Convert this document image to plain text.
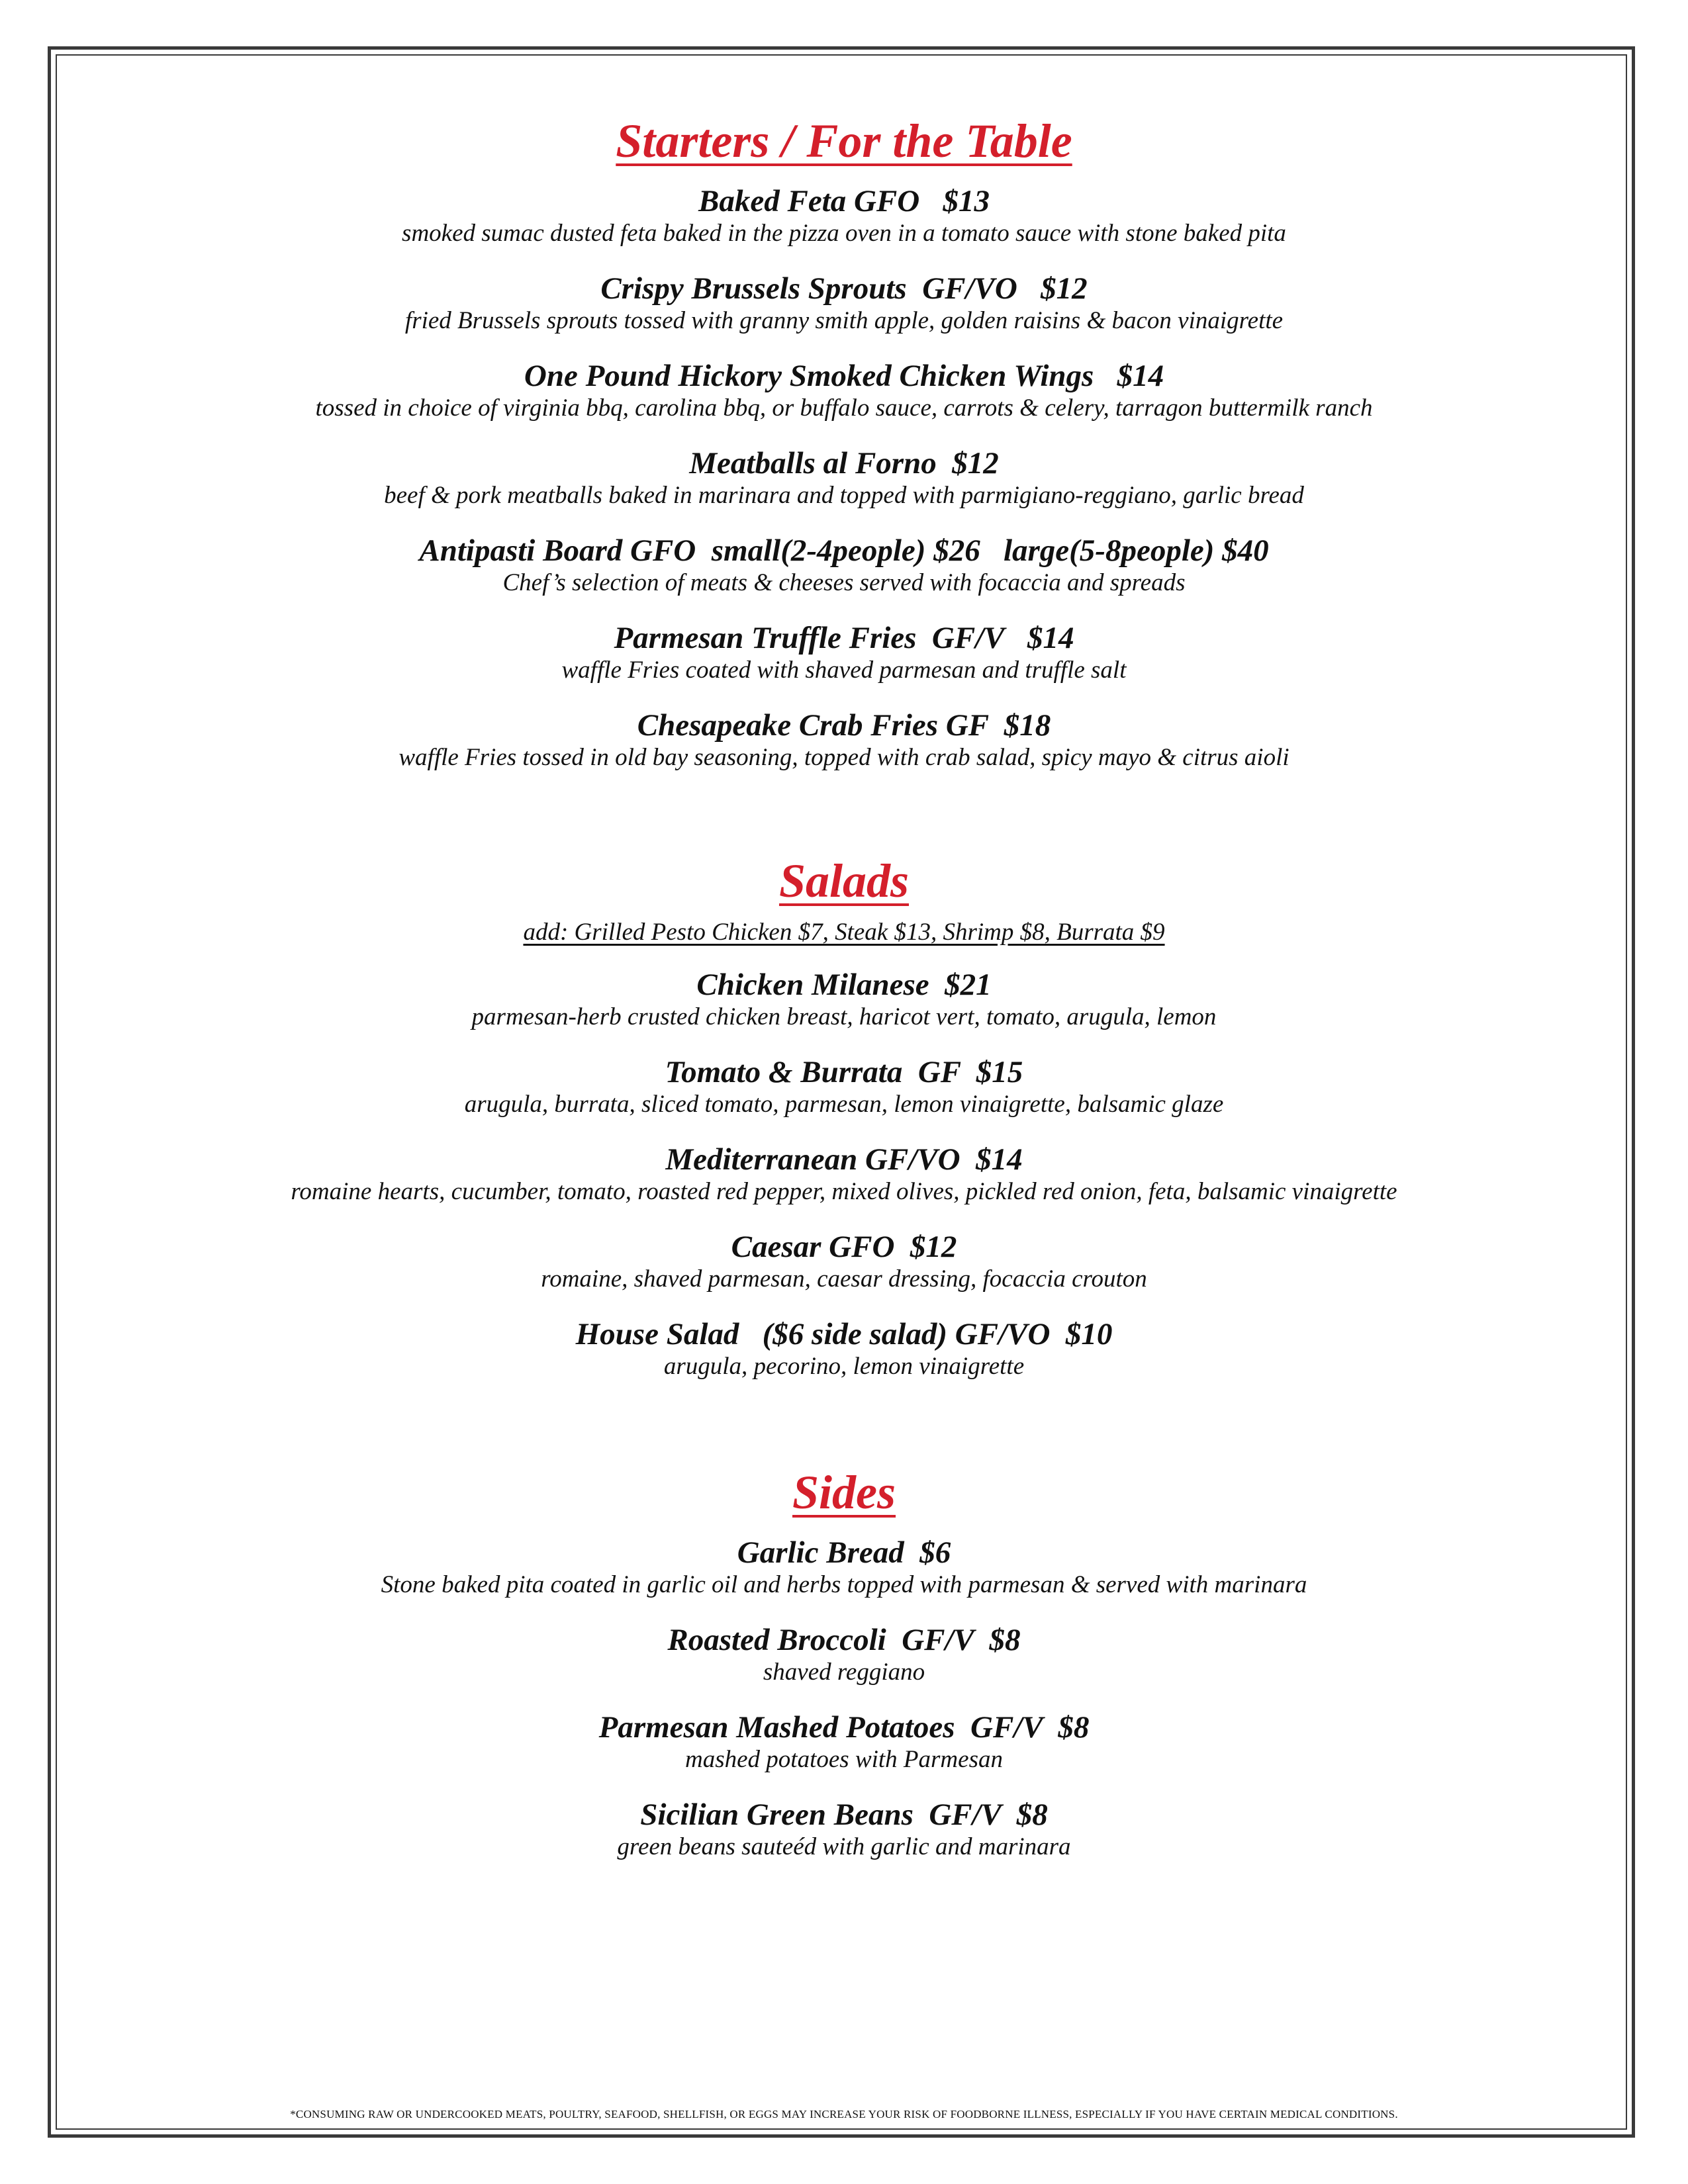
Starters / For the Table
Baked Feta GFO   $13
smoked sumac dusted feta baked in the pizza oven in a tomato sauce with stone baked pita
Crispy Brussels Sprouts  GF/VO   $12
fried Brussels sprouts tossed with granny smith apple, golden raisins & bacon vinaigrette
One Pound Hickory Smoked Chicken Wings   $14
tossed in choice of virginia bbq, carolina bbq, or buffalo sauce, carrots & celery, tarragon buttermilk ranch
Meatballs al Forno  $12
beef & pork meatballs baked in marinara and topped with parmigiano-reggiano, garlic bread
Antipasti Board GFO  small(2-4people) $26   large(5-8people) $40
Chef’s selection of meats & cheeses served with focaccia and spreads
Parmesan Truffle Fries  GF/V   $14
waffle Fries coated with shaved parmesan and truffle salt
Chesapeake Crab Fries GF  $18
waffle Fries tossed in old bay seasoning, topped with crab salad, spicy mayo & citrus aioli
Salads
add: Grilled Pesto Chicken $7, Steak $13, Shrimp $8, Burrata $9
Chicken Milanese  $21
parmesan-herb crusted chicken breast, haricot vert, tomato, arugula, lemon
Tomato & Burrata  GF  $15
arugula, burrata, sliced tomato, parmesan, lemon vinaigrette, balsamic glaze
Mediterranean GF/VO  $14
romaine hearts, cucumber, tomato, roasted red pepper, mixed olives, pickled red onion, feta, balsamic vinaigrette
Caesar GFO  $12
romaine, shaved parmesan, caesar dressing, focaccia crouton
House Salad   ($6 side salad) GF/VO  $10
arugula, pecorino, lemon vinaigrette
Sides
Garlic Bread  $6
Stone baked pita coated in garlic oil and herbs topped with parmesan & served with marinara
Roasted Broccoli  GF/V  $8
shaved reggiano
Parmesan Mashed Potatoes  GF/V  $8
mashed potatoes with Parmesan
Sicilian Green Beans  GF/V  $8
green beans sauteéd with garlic and marinara
*CONSUMING RAW OR UNDERCOOKED MEATS, POULTRY, SEAFOOD, SHELLFISH, OR EGGS MAY INCREASE YOUR RISK OF FOODBORNE ILLNESS, ESPECIALLY IF YOU HAVE CERTAIN MEDICAL CONDITIONS.
